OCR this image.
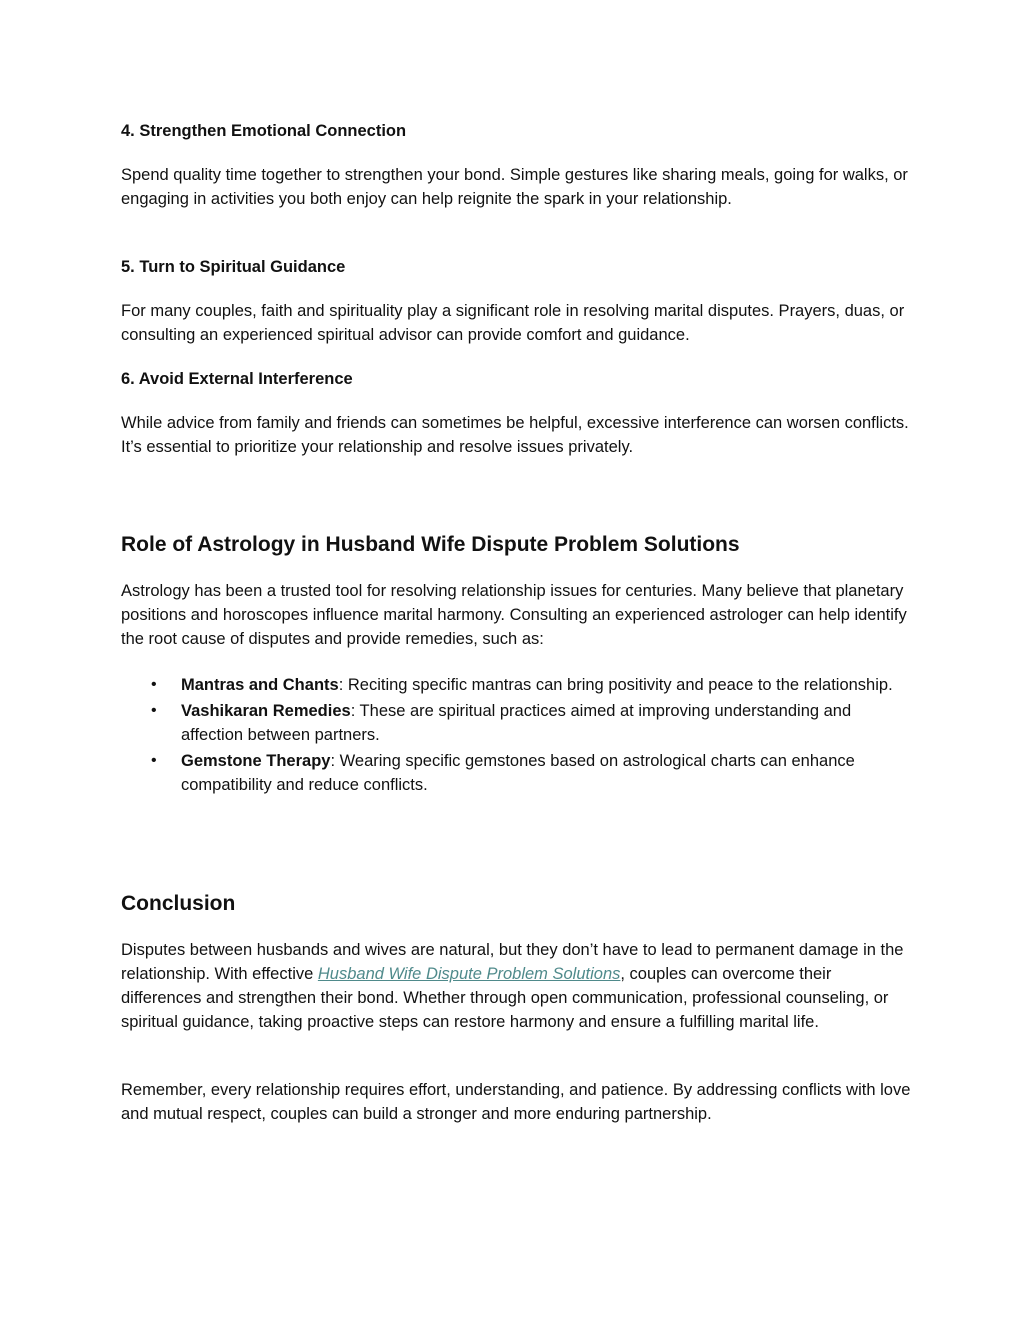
4. Strengthen Emotional Connection

Spend quality time together to strengthen your bond. Simple gestures like sharing meals, going for walks, or engaging in activities you both enjoy can help reignite the spark in your relationship.

5. Turn to Spiritual Guidance

For many couples, faith and spirituality play a significant role in resolving marital disputes. Prayers, duas, or consulting an experienced spiritual advisor can provide comfort and guidance.

6. Avoid External Interference

While advice from family and friends can sometimes be helpful, excessive interference can worsen conflicts. It’s essential to prioritize your relationship and resolve issues privately.

Role of Astrology in Husband Wife Dispute Problem Solutions

Astrology has been a trusted tool for resolving relationship issues for centuries. Many believe that planetary positions and horoscopes influence marital harmony. Consulting an experienced astrologer can help identify the root cause of disputes and provide remedies, such as:

• Mantras and Chants: Reciting specific mantras can bring positivity and peace to the relationship.
• Vashikaran Remedies: These are spiritual practices aimed at improving understanding and affection between partners.
• Gemstone Therapy: Wearing specific gemstones based on astrological charts can enhance compatibility and reduce conflicts.
Conclusion

Disputes between husbands and wives are natural, but they don’t have to lead to permanent damage in the relationship. With effective Husband Wife Dispute Problem Solutions, couples can overcome their differences and strengthen their bond. Whether through open communication, professional counseling, or spiritual guidance, taking proactive steps can restore harmony and ensure a fulfilling marital life.

Remember, every relationship requires effort, understanding, and patience. By addressing conflicts with love and mutual respect, couples can build a stronger and more enduring partnership.
